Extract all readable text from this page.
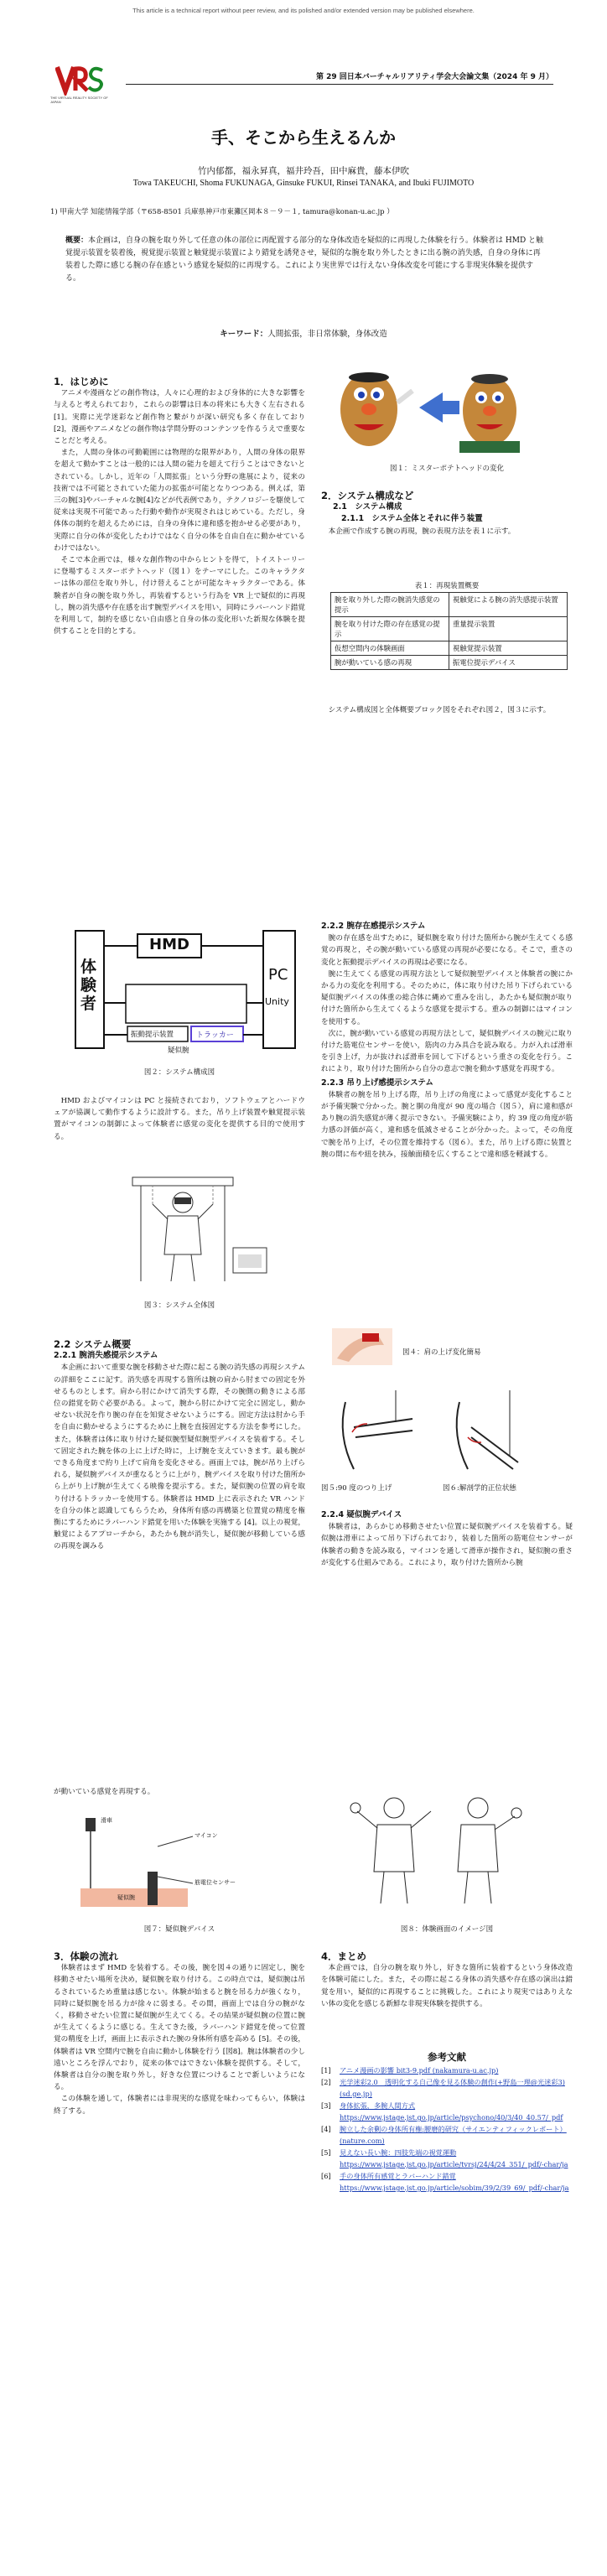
This article is a technical report without peer review, and its polished and/or extended version may be published elsewhere.
THE VIRTUAL REALITY SOCIETY OF JAPAN
第 29 回日本バーチャルリアリティ学会大会論文集（2024 年 9 月）
手、そこから生えるんか
竹内郁都，福永昇真，福井玲吾，田中麻貴，藤本伊吹
Towa TAKEUCHI, Shoma FUKUNAGA, Ginsuke FUKUI, Rinsei TANAKA, and Ibuki FUJIMOTO
1) 甲南大学 知能情報学部（〒658-8501 兵庫県神戸市東灘区岡本８－９－１, tamura@konan-u.ac.jp ）
概要：本企画は，自身の腕を取り外して任意の体の部位に再配置する部分的な身体改造を疑似的に再現した体験を行う。体験者は HMD と触覚提示装置を装着後，視覚提示装置と触覚提示装置により錯覚を誘発させ，疑似的な腕を取り外したときに出る腕の消失感，自身の身体に再装着した際に感じる腕の存在感という感覚を疑似的に再現する。これにより実世界では行えない身体改変を可能にする非現実体験を提供する。
キーワード：人間拡張，非日常体験，身体改造
1．はじめに

アニメや漫画などの創作物は，人々に心理的および身体的に大きな影響を与えると考えられており，これらの影響は日本の将来にも大きく左右される [1]。実際に光学迷彩など創作物と繋がりが深い研究も多く存在しており [2]，漫画やアニメなどの創作物は学問分野のコンテンツを作るうえで重要なことだと考える。

また，人間の身体の可動範囲には物理的な限界があり，人間の身体の限界を超えて動かすことは一般的には人間の能力を超えて行うことはできないとされている。しかし，近年の「人間拡張」という分野の進展により，従来の技術では不可能とされていた能力の拡張が可能となりつつある。例えば，第三の腕[3]やバーチャルな腕[4]などが代表例であり，テクノロジーを駆使して従来は実現不可能であった行動や動作が実現されはじめている。ただし，身体体の制約を超えるためには，自身の身体に違和感を抱かせる必要があり，実際に自分の体が変化したわけではなく自分の体を自由自在に動かせているわけではない。

そこで本企画では，様々な創作物の中からヒントを得て，トイストーリーに登場するミスターポテトヘッド（図１）をテーマにした。このキャラクターは体の部位を取り外し，付け替えることが可能なキャラクターである。体験者が自身の腕を取り外し，再装着するという行為を VR 上で疑似的に再現し，腕の消失感や存在感を出す腕型デバイスを用い，同時にラバーハンド錯覚を利用して，制約を感じない自由感と自身の体の変化形いた新規な体験を提供することを目的とする。

図１：ミスターポテトヘッドの変化
2．システム構成など
2.1　システム構成
2.1.1　システム全体とそれに伴う装置

本企画で作成する腕の再現，腕の表現方法を表１に示す。

表１：再現装置概要
腕を取り外した際の腕消失感覚の提示	視触覚による腕の消失感提示装置
腕を取り付けた際の存在感覚の提示	重量提示装置
仮想空間内の体験画面	視触覚提示装置
腕が動いている感の再現	振電位提示デバイス

システム構成図と全体概要ブロック図をそれぞれ図２，図３に示す。

体験者
HMD
PC
Unity
振動提示装置	トラッカー
疑似腕
図２：システム構成図

HMD およびマイコンは PC と接続されており，ソフトウェアとハードウェアが協調して動作するように設計する。また，吊り上げ装置や触覚提示装置がマイコンの制御によって体験者に感覚の変化を提供する目的で使用する。

図３：システム全体図
2.2 システム概要
2.2.1 腕消失感提示システム

本企画において重要な腕を移動させた際に起こる腕の消失感の再現システムの詳細をここに記す。消失感を再現する箇所は腕の肩から肘までの固定を外せるものとします。肩から肘にかけて消失する際，その腕側の動きによる部位の錯覚を防ぐ必要がある。よって，腕から肘にかけて完全に固定し，動かせない状況を作り腕の存在を知覚させないようにする。固定方法は肘から手を自由に動かせるようにするために上腕を直接固定する方法を参考にした。また，体験者は体に取り付けた疑似腕型疑似腕型デバイスを装着する。そして固定された腕を体の上に上げた時に，上げ腕を支えていきます。最も腕ができる角度まで約り上げて肩角を変化させる。画面上では，腕が吊り上げられる，疑似腕デバイスが重なるとうに上がり，腕デバイスを取り付けた箇所から上がり上げ腕が生えてくる映像を提示する。また，疑似腕の位置の肩を取り付けるトラッカーを使用する。体験者は HMD 上に表示された VR ハンドを自分の体と認識してもらうため，身体所有感の再構築と位置覚の精度を権衡にするためにラバーハンド錯覚を用いた体験を実施する [4]。以上の視覚，触覚によるアプローチから，あたかも腕が消失し，疑似腕が移動している感の再現を調みる

2.2.2 腕存在感提示システム

腕の存在感を出すために，疑似腕を取り付けた箇所から腕が生えてくる感覚の再現と，その腕が動いている感覚の再現が必要になる。そこで，重さの変化と振動提示デバイスの再現は必要になる。

腕に生えてくる感覚の再現方法として疑似腕型デバイスと体験者の腕にかかる力の変化を利用する。そのために，体に取り付けた吊り下げられている疑似腕デバイスの体重の総合体に縄めて重みを出し，あたかも疑似腕が取り付けた箇所から生えてくるような感覚を提示する。重みの制御にはマイコンを使用する。

次に，腕が動いている感覚の再現方法として，疑似腕デバイスの腕元に取り付けた筋電位センサーを使い，筋肉の力み具合を読み取る。力が入れば滑車を引き上げ，力が抜ければ滑車を回して下げるという重さの変化を行う。これにより，取り付けた箇所から自分の意志で腕を動かす感覚を再現する。

2.2.3 吊り上げ感提示システム

体験者の腕を吊り上げる際，吊り上げの角度によって感覚が変化することが予備実験で分かった。腕と胴の角度が 90 度の場合（図５），肩に違和感があり腕の消失感覚が薄く提示できない。予備実験により，約 39 度の角度が筋力感の評価が高く，違和感を低減させることが分かった。よって，その角度で腕を吊り上げ，その位置を維持する（図６）。また，吊り上げる際に装置と腕の間に布や紐を挟み，接触面積を広くすることで違和感を軽減する。

図４：肩の上げ変化簡易
図５:90 度のつり上げ	図６:解剖学的正位状態
2.2.4 疑似腕デバイス

体験者は，あらかじめ移動させたい位置に疑似腕デバイスを装着する。疑似腕は滑車によって吊り下げられており，装着した箇所の筋電位センサーが体験者の動きを読み取る，マイコンを通して滑車が操作され，疑似腕の重さが変化する仕組みである。これにより，取り付けた箇所から腕

が動いている感覚を再現する。

滑車
マイコン
筋電位センサー
疑似腕
図７：疑似腕デバイス	図８：体験画面のイメージ図
3．体験の流れ

体験者はまず HMD を装着する。その後，腕を図４の通りに固定し，腕を移動させたい場所を決め，疑似腕を取り付ける。この時点では，疑似腕は吊るされているため重量は感じない。体験が始まると腕を吊る力が強くなり，同時に疑似腕を吊る力が徐々に弱まる。その間，画面上では自分の腕がなく，移動させたい位置に疑似腕が生えてくる。その結果が疑似腕の位置に腕が生えてくるように感じる。生えてきた後，ラバーハンド錯覚を使って位置覚の精度を上げ，画面上に表示された腕の身体所有感を高める [5]。その後，体験者は VR 空間内で腕を自由に動かし体験を行う [図8]。腕は体験者の少し遠いところを浮んでおり，従来の体ではできない体験を提供する。そして，体験者は自分の腕を取り外し，好きな位置につけることで新しいようになる。

この体験を通して，体験者には非現実的な感覚を味わってもらい，体験は終了する。

4．まとめ

本企画では，自分の腕を取り外し，好きな箇所に装着するという身体改造を体験可能にした。また，その際に起こる身体の消失感や存在感の演出は錯覚を用い，疑似的に再現することに挑戦した。これにより現実ではありえない体の変化を感じる新鮮な非現実体験を提供する。

参考文献
[1]	アニメ漫画の影響 bit3-9.pdf (nakamura-u.ac.jp)
[2]	光学迷彩2.0　透明化する自己像を見る体験の創作(+野島一理@光迷彩3)(sd.ge.jp)
[3]	身体拡張，多腕人間方式 https://www.jstage.jst.go.jp/article/psychono/40/3/40_40.57/_pdf
[4]	腕立した余剰の身体所有権:腰磨的研究（サイエンティフィックレポート）(nature.com)
[5]	見えない長い腕：四肢先端の視覚運動 https://www.jstage.jst.go.jp/article/tvrsj/24/4/24_351/_pdf/-char/ja
[6]	手の身体所有感覚とラバーハンド錯覚 https://www.jstage.jst.go.jp/article/sobim/39/2/39_69/_pdf/-char/ja
